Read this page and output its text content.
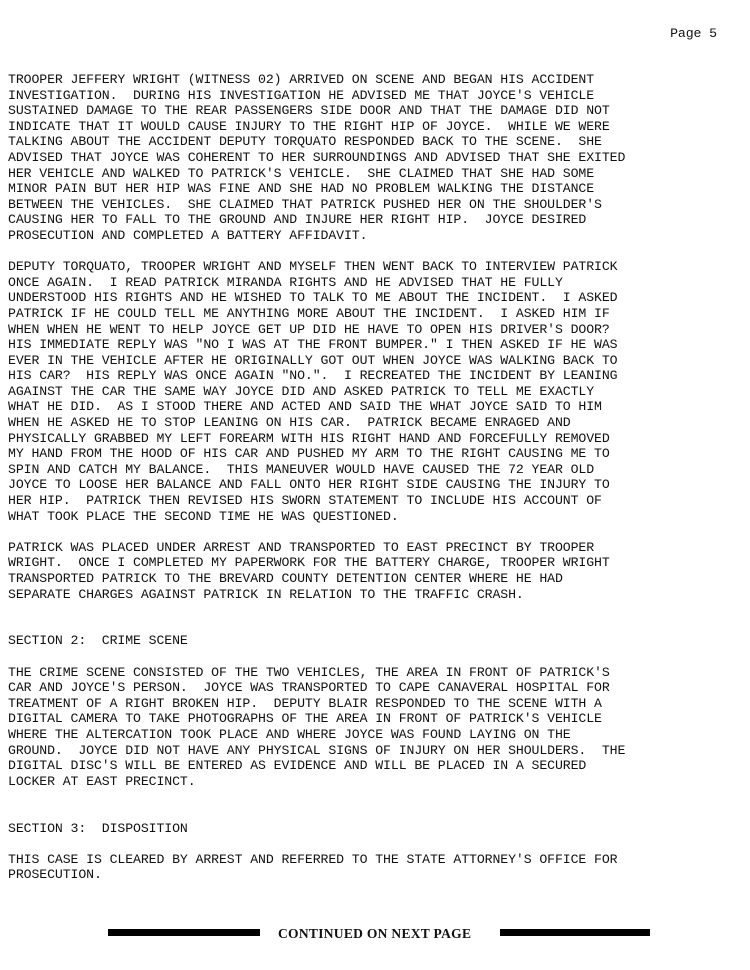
Page 5
TROOPER JEFFERY WRIGHT (WITNESS 02) ARRIVED ON SCENE AND BEGAN HIS ACCIDENT
INVESTIGATION.  DURING HIS INVESTIGATION HE ADVISED ME THAT JOYCE'S VEHICLE
SUSTAINED DAMAGE TO THE REAR PASSENGERS SIDE DOOR AND THAT THE DAMAGE DID NOT
INDICATE THAT IT WOULD CAUSE INJURY TO THE RIGHT HIP OF JOYCE.  WHILE WE WERE
TALKING ABOUT THE ACCIDENT DEPUTY TORQUATO RESPONDED BACK TO THE SCENE.  SHE
ADVISED THAT JOYCE WAS COHERENT TO HER SURROUNDINGS AND ADVISED THAT SHE EXITED
HER VEHICLE AND WALKED TO PATRICK'S VEHICLE.  SHE CLAIMED THAT SHE HAD SOME
MINOR PAIN BUT HER HIP WAS FINE AND SHE HAD NO PROBLEM WALKING THE DISTANCE
BETWEEN THE VEHICLES.  SHE CLAIMED THAT PATRICK PUSHED HER ON THE SHOULDER'S
CAUSING HER TO FALL TO THE GROUND AND INJURE HER RIGHT HIP.  JOYCE DESIRED
PROSECUTION AND COMPLETED A BATTERY AFFIDAVIT.
DEPUTY TORQUATO, TROOPER WRIGHT AND MYSELF THEN WENT BACK TO INTERVIEW PATRICK
ONCE AGAIN.  I READ PATRICK MIRANDA RIGHTS AND HE ADVISED THAT HE FULLY
UNDERSTOOD HIS RIGHTS AND HE WISHED TO TALK TO ME ABOUT THE INCIDENT.  I ASKED
PATRICK IF HE COULD TELL ME ANYTHING MORE ABOUT THE INCIDENT.  I ASKED HIM IF
WHEN WHEN HE WENT TO HELP JOYCE GET UP DID HE HAVE TO OPEN HIS DRIVER'S DOOR?
HIS IMMEDIATE REPLY WAS "NO I WAS AT THE FRONT BUMPER." I THEN ASKED IF HE WAS
EVER IN THE VEHICLE AFTER HE ORIGINALLY GOT OUT WHEN JOYCE WAS WALKING BACK TO
HIS CAR?  HIS REPLY WAS ONCE AGAIN "NO.".  I RECREATED THE INCIDENT BY LEANING
AGAINST THE CAR THE SAME WAY JOYCE DID AND ASKED PATRICK TO TELL ME EXACTLY
WHAT HE DID.  AS I STOOD THERE AND ACTED AND SAID THE WHAT JOYCE SAID TO HIM
WHEN HE ASKED HE TO STOP LEANING ON HIS CAR.  PATRICK BECAME ENRAGED AND
PHYSICALLY GRABBED MY LEFT FOREARM WITH HIS RIGHT HAND AND FORCEFULLY REMOVED
MY HAND FROM THE HOOD OF HIS CAR AND PUSHED MY ARM TO THE RIGHT CAUSING ME TO
SPIN AND CATCH MY BALANCE.  THIS MANEUVER WOULD HAVE CAUSED THE 72 YEAR OLD
JOYCE TO LOOSE HER BALANCE AND FALL ONTO HER RIGHT SIDE CAUSING THE INJURY TO
HER HIP.  PATRICK THEN REVISED HIS SWORN STATEMENT TO INCLUDE HIS ACCOUNT OF
WHAT TOOK PLACE THE SECOND TIME HE WAS QUESTIONED.
PATRICK WAS PLACED UNDER ARREST AND TRANSPORTED TO EAST PRECINCT BY TROOPER
WRIGHT.  ONCE I COMPLETED MY PAPERWORK FOR THE BATTERY CHARGE, TROOPER WRIGHT
TRANSPORTED PATRICK TO THE BREVARD COUNTY DETENTION CENTER WHERE HE HAD
SEPARATE CHARGES AGAINST PATRICK IN RELATION TO THE TRAFFIC CRASH.
SECTION 2:  CRIME SCENE
THE CRIME SCENE CONSISTED OF THE TWO VEHICLES, THE AREA IN FRONT OF PATRICK'S
CAR AND JOYCE'S PERSON.  JOYCE WAS TRANSPORTED TO CAPE CANAVERAL HOSPITAL FOR
TREATMENT OF A RIGHT BROKEN HIP.  DEPUTY BLAIR RESPONDED TO THE SCENE WITH A
DIGITAL CAMERA TO TAKE PHOTOGRAPHS OF THE AREA IN FRONT OF PATRICK'S VEHICLE
WHERE THE ALTERCATION TOOK PLACE AND WHERE JOYCE WAS FOUND LAYING ON THE
GROUND.  JOYCE DID NOT HAVE ANY PHYSICAL SIGNS OF INJURY ON HER SHOULDERS.  THE
DIGITAL DISC'S WILL BE ENTERED AS EVIDENCE AND WILL BE PLACED IN A SECURED
LOCKER AT EAST PRECINCT.
SECTION 3:  DISPOSITION
THIS CASE IS CLEARED BY ARREST AND REFERRED TO THE STATE ATTORNEY'S OFFICE FOR
PROSECUTION.
CONTINUED ON NEXT PAGE
